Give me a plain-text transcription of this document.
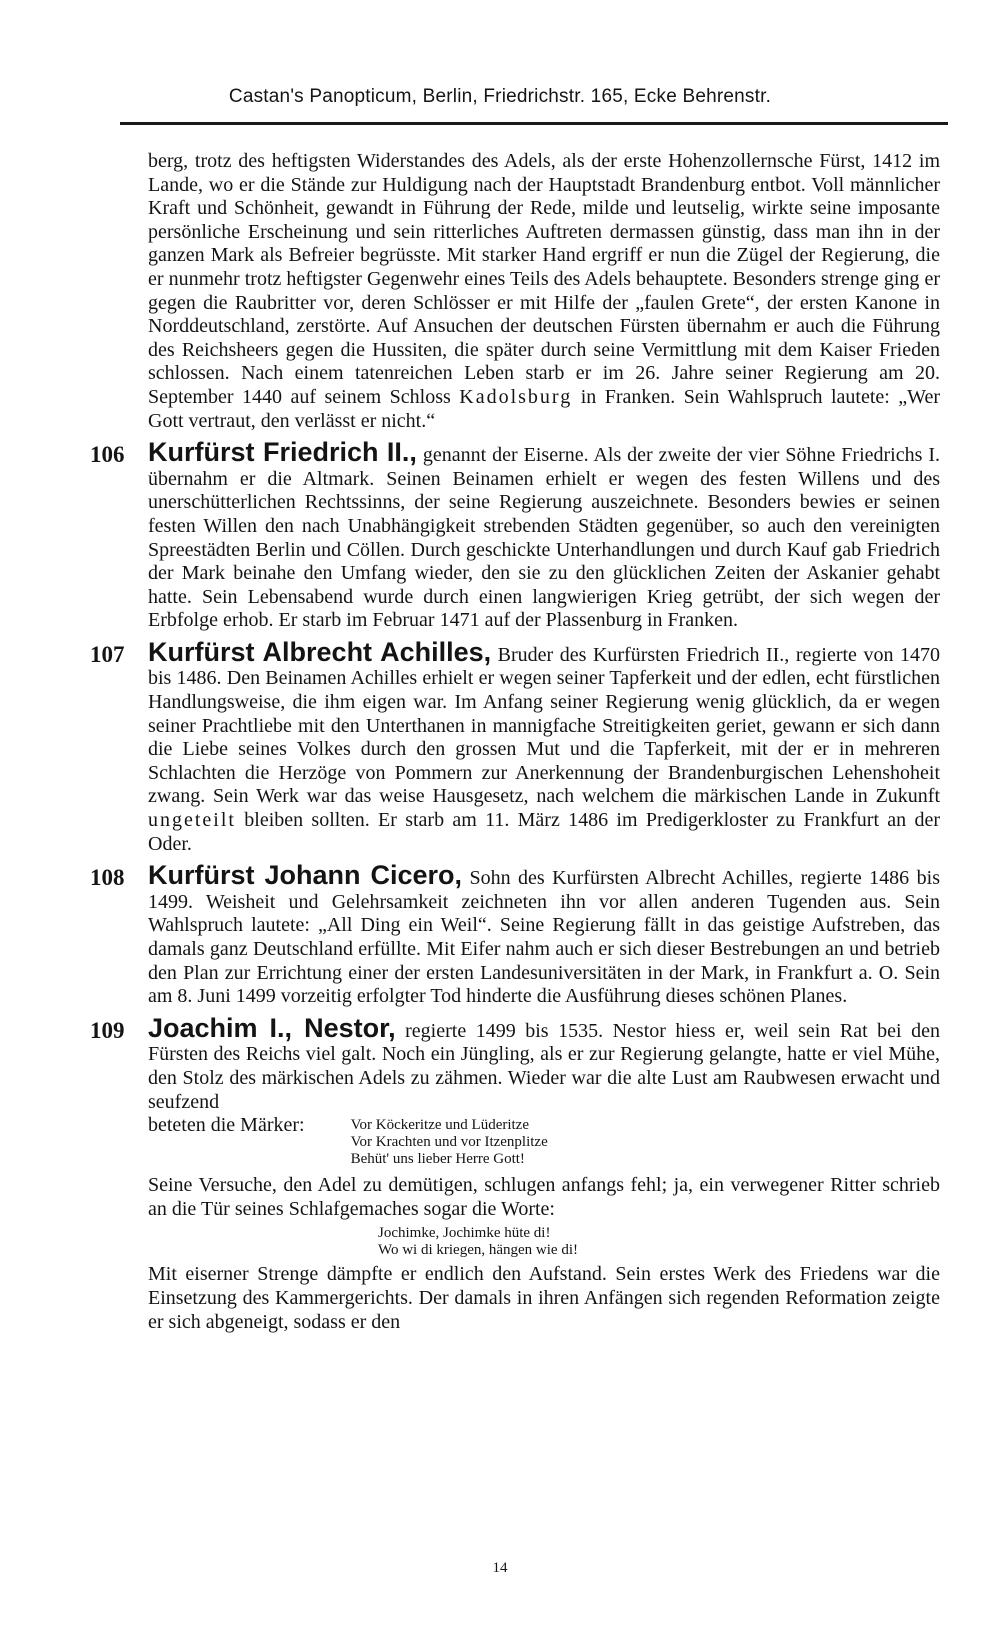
Castan's Panopticum, Berlin, Friedrichstr. 165, Ecke Behrenstr.

berg, trotz des heftigsten Widerstandes des Adels, als der erste Hohenzollernsche Fürst, 1412 im Lande, wo er die Stände zur Huldigung nach der Hauptstadt Brandenburg entbot. Voll männlicher Kraft und Schönheit, gewandt in Führung der Rede, milde und leutselig, wirkte seine imposante persönliche Erscheinung und sein ritterliches Auftreten dermassen günstig, dass man ihn in der ganzen Mark als Befreier begrüsste. Mit starker Hand ergriff er nun die Zügel der Regierung, die er nunmehr trotz heftigster Gegenwehr eines Teils des Adels behauptete. Besonders strenge ging er gegen die Raubritter vor, deren Schlösser er mit Hilfe der „faulen Grete“, der ersten Kanone in Norddeutschland, zerstörte. Auf Ansuchen der deutschen Fürsten übernahm er auch die Führung des Reichsheers gegen die Hussiten, die später durch seine Vermittlung mit dem Kaiser Frieden schlossen. Nach einem tatenreichen Leben starb er im 26. Jahre seiner Regierung am 20. September 1440 auf seinem Schloss Kadolsburg in Franken. Sein Wahlspruch lautete: „Wer Gott vertraut, den verlässt er nicht.“

106 Kurfürst Friedrich II., genannt der Eiserne. Als der zweite der vier Söhne Friedrichs I. übernahm er die Altmark. Seinen Beinamen erhielt er wegen des festen Willens und des unerschütterlichen Rechtssinns, der seine Regierung auszeichnete. Besonders bewies er seinen festen Willen den nach Unabhängigkeit strebenden Städten gegenüber, so auch den vereinigten Spreestädten Berlin und Cöllen. Durch geschickte Unterhandlungen und durch Kauf gab Friedrich der Mark beinahe den Umfang wieder, den sie zu den glücklichen Zeiten der Askanier gehabt hatte. Sein Lebensabend wurde durch einen langwierigen Krieg getrübt, der sich wegen der Erbfolge erhob. Er starb im Februar 1471 auf der Plassenburg in Franken.

107 Kurfürst Albrecht Achilles, Bruder des Kurfürsten Friedrich II., regierte von 1470 bis 1486. Den Beinamen Achilles erhielt er wegen seiner Tapferkeit und der edlen, echt fürstlichen Handlungsweise, die ihm eigen war. Im Anfang seiner Regierung wenig glücklich, da er wegen seiner Prachtliebe mit den Unterthanen in mannigfache Streitigkeiten geriet, gewann er sich dann die Liebe seines Volkes durch den grossen Mut und die Tapferkeit, mit der er in mehreren Schlachten die Herzöge von Pommern zur Anerkennung der Brandenburgischen Lehenshoheit zwang. Sein Werk war das weise Hausgesetz, nach welchem die märkischen Lande in Zukunft ungeteilt bleiben sollten. Er starb am 11. März 1486 im Predigerkloster zu Frankfurt an der Oder.

108 Kurfürst Johann Cicero, Sohn des Kurfürsten Albrecht Achilles, regierte 1486 bis 1499. Weisheit und Gelehrsamkeit zeichneten ihn vor allen anderen Tugenden aus. Sein Wahlspruch lautete: „All Ding ein Weil“. Seine Regierung fällt in das geistige Aufstreben, das damals ganz Deutschland erfüllte. Mit Eifer nahm auch er sich dieser Bestrebungen an und betrieb den Plan zur Errichtung einer der ersten Landesuniversitäten in der Mark, in Frankfurt a. O. Sein am 8. Juni 1499 vorzeitig erfolgter Tod hinderte die Ausführung dieses schönen Planes.

109 Joachim I., Nestor, regierte 1499 bis 1535. Nestor hiess er, weil sein Rat bei den Fürsten des Reichs viel galt. Noch ein Jüngling, als er zur Regierung gelangte, hatte er viel Mühe, den Stolz des märkischen Adels zu zähmen. Wieder war die alte Lust am Raubwesen erwacht und seufzend

beteten die Märker:	Vor Köckeritze und Lüderitze
Vor Krachten und vor Itzenplitze
Behüt' uns lieber Herre Gott!

Seine Versuche, den Adel zu demütigen, schlugen anfangs fehl; ja, ein verwegener Ritter schrieb an die Tür seines Schlafgemaches sogar die Worte:

Jochimke, Jochimke hüte di!
Wo wi di kriegen, hängen wie di!

Mit eiserner Strenge dämpfte er endlich den Aufstand. Sein erstes Werk des Friedens war die Einsetzung des Kammergerichts. Der damals in ihren Anfängen sich regenden Reformation zeigte er sich abgeneigt, sodass er den

14
